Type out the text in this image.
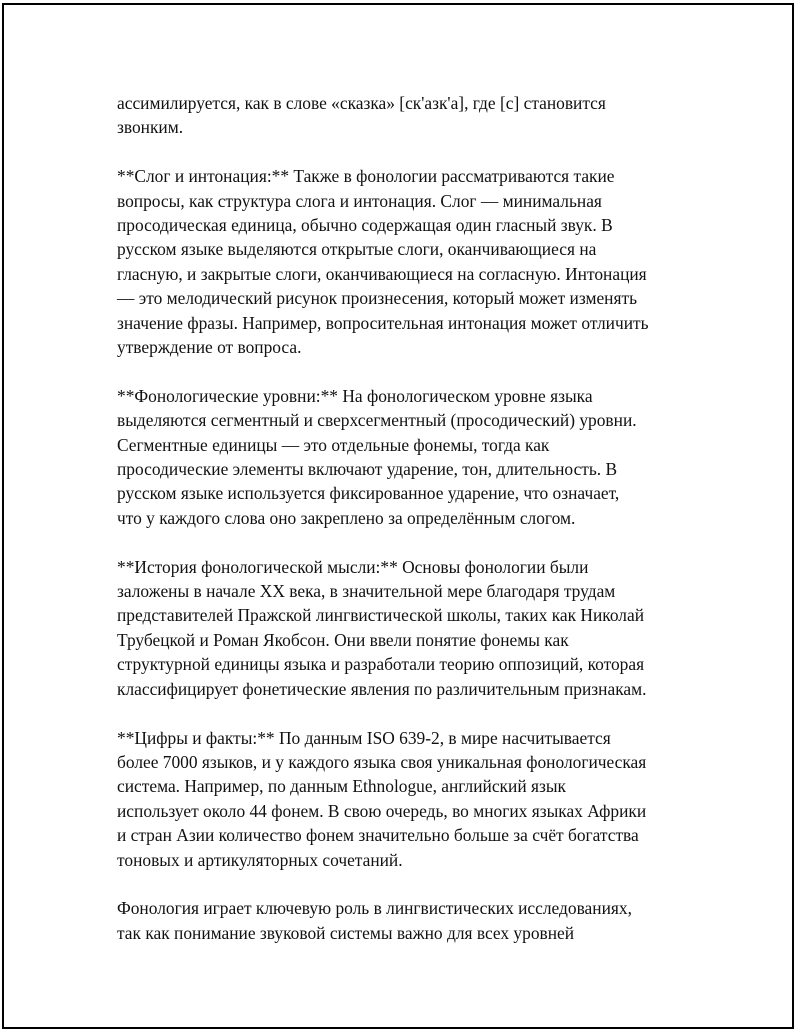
ассимилируется, как в слове «сказка» [ск'азк'а], где [с] становится
звонким.

**Слог и интонация:** Также в фонологии рассматриваются такие
вопросы, как структура слога и интонация. Слог — минимальная
просодическая единица, обычно содержащая один гласный звук. В
русском языке выделяются открытые слоги, оканчивающиеся на
гласную, и закрытые слоги, оканчивающиеся на согласную. Интонация
— это мелодический рисунок произнесения, который может изменять
значение фразы. Например, вопросительная интонация может отличить
утверждение от вопроса.

**Фонологические уровни:** На фонологическом уровне языка
выделяются сегментный и сверхсегментный (просодический) уровни.
Сегментные единицы — это отдельные фонемы, тогда как
просодические элементы включают ударение, тон, длительность. В
русском языке используется фиксированное ударение, что означает,
что у каждого слова оно закреплено за определённым слогом.

**История фонологической мысли:** Основы фонологии были
заложены в начале XX века, в значительной мере благодаря трудам
представителей Пражской лингвистической школы, таких как Николай
Трубецкой и Роман Якобсон. Они ввели понятие фонемы как
структурной единицы языка и разработали теорию оппозиций, которая
классифицирует фонетические явления по различительным признакам.

**Цифры и факты:** По данным ISO 639-2, в мире насчитывается
более 7000 языков, и у каждого языка своя уникальная фонологическая
система. Например, по данным Ethnologue, английский язык
использует около 44 фонем. В свою очередь, во многих языках Африки
и стран Азии количество фонем значительно больше за счёт богатства
тоновых и артикуляторных сочетаний.

Фонология играет ключевую роль в лингвистических исследованиях,
так как понимание звуковой системы важно для всех уровней
